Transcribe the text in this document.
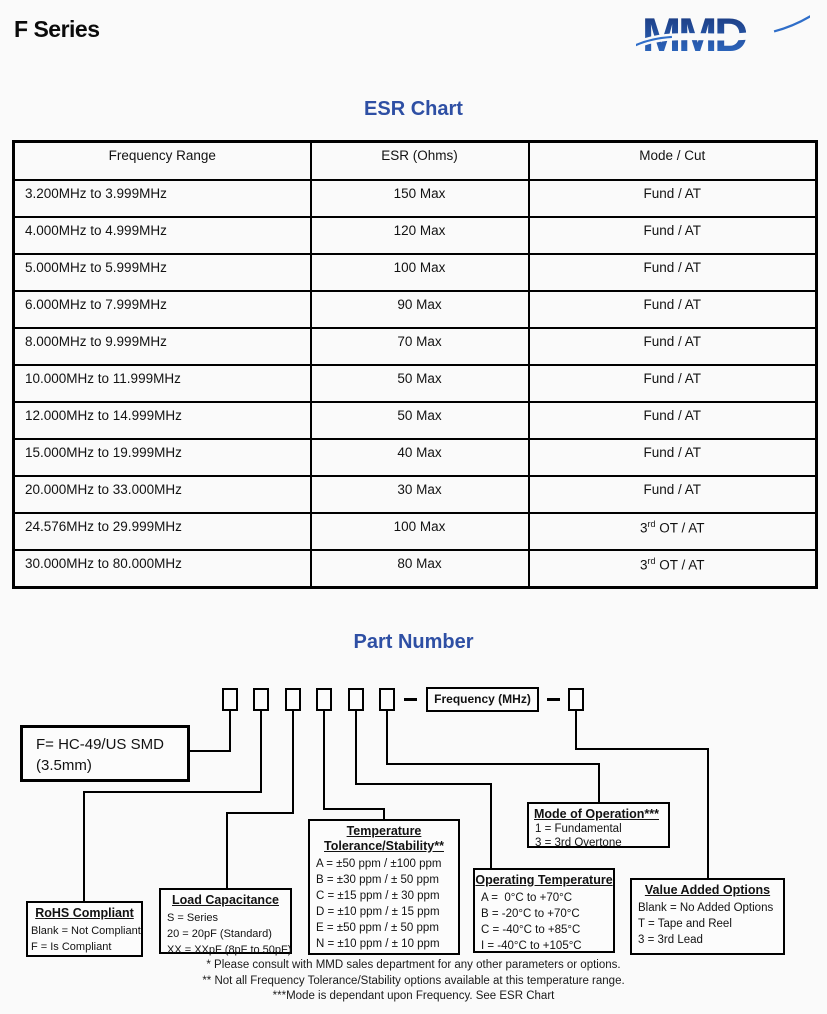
F Series	MMD
ESR Chart
Frequency Range	ESR (Ohms)	Mode / Cut
3.200MHz to 3.999MHz	150 Max	Fund / AT
4.000MHz to 4.999MHz	120 Max	Fund / AT
5.000MHz to 5.999MHz	100 Max	Fund / AT
6.000MHz to 7.999MHz	90 Max	Fund / AT
8.000MHz to 9.999MHz	70 Max	Fund / AT
10.000MHz to 11.999MHz	50 Max	Fund / AT
12.000MHz to 14.999MHz	50 Max	Fund / AT
15.000MHz to 19.999MHz	40 Max	Fund / AT
20.000MHz to 33.000MHz	30 Max	Fund / AT
24.576MHz to 29.999MHz	100 Max	3rd OT / AT
30.000MHz to 80.000MHz	80 Max	3rd OT / AT
Part Number
Frequency (MHz)
F= HC-49/US SMD
(3.5mm)
RoHS Compliant
Blank = Not Compliant
F = Is Compliant
Load Capacitance
S = Series
20 = 20pF (Standard)
XX = XXpF (8pF to 50pF)
Temperature
Tolerance/Stability**
A = ±50 ppm / ±100 ppm
B = ±30 ppm / ± 50 ppm
C = ±15 ppm / ± 30 ppm
D = ±10 ppm / ± 15 ppm
E = ±50 ppm / ± 50 ppm
N = ±10 ppm / ± 10 ppm
Operating Temperature
A =  0°C to +70°C
B = -20°C to +70°C
C = -40°C to +85°C
I = -40°C to +105°C
Mode of Operation***
1 = Fundamental
3 = 3rd Overtone
Value Added Options
Blank = No Added Options
T = Tape and Reel
3 = 3rd Lead
* Please consult with MMD sales department for any other parameters or options.
** Not all Frequency Tolerance/Stability options available at this temperature range.
***Mode is dependant upon Frequency. See ESR Chart
